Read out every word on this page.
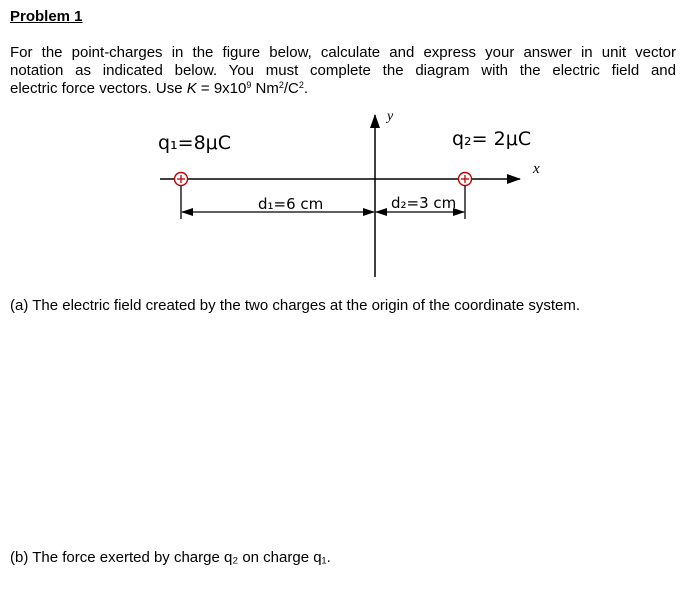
Problem 1
For the point-charges in the figure below, calculate and express your answer in unit vector
notation as indicated below. You must complete the diagram with the electric field and
electric force vectors. Use $K = 9x10^9$ $Nm^2/C^2$.
q₁=8μC	q₂= 2μC
y
x
d₁=6 cm	d₂=3 cm
(a) The electric field created by the two charges at the origin of the coordinate system.
(b) The force exerted by charge q₂ on charge q₁.
